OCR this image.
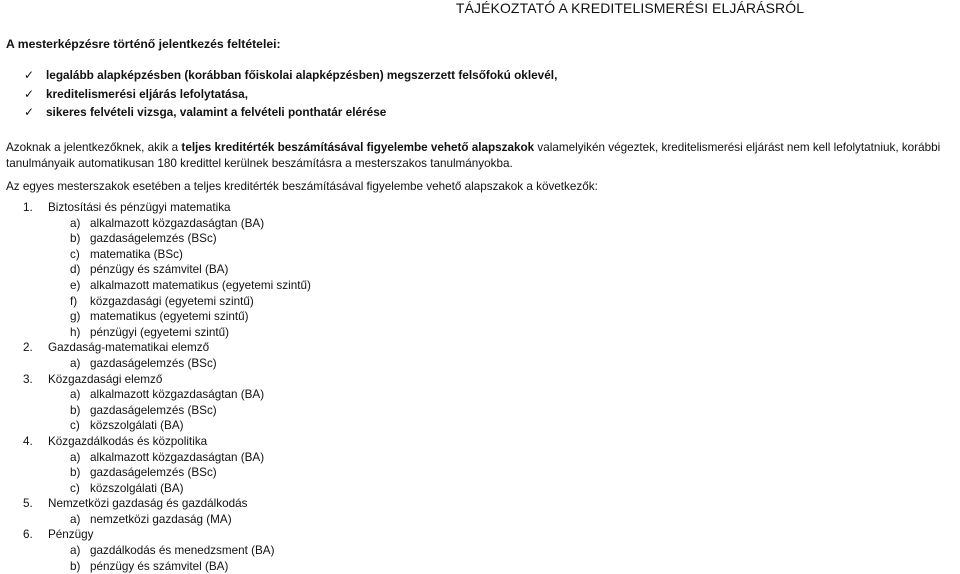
TÁJÉKOZTATÓ A KREDITELISMERÉSI ELJÁRÁSRÓL
A mesterképzésre történő jelentkezés feltételei:
✓ legalább alapképzésben (korábban főiskolai alapképzésben) megszerzett felsőfokú oklevél,
✓ kreditelismerési eljárás lefolytatása,
✓ sikeres felvételi vizsga, valamint a felvételi ponthatár elérése
Azoknak a jelentkezőknek, akik a teljes kreditérték beszámításával figyelembe vehető alapszakok valamelyikén végeztek, kreditelismerési eljárást nem kell lefolytatniuk, korábbi tanulmányaik automatikusan 180 kredittel kerülnek beszámításra a mesterszakos tanulmányokba.
Az egyes mesterszakok esetében a teljes kreditérték beszámításával figyelembe vehető alapszakok a következők:
1. Biztosítási és pénzügyi matematika
a) alkalmazott közgazdaságtan (BA)
b) gazdaságelemzés (BSc)
c) matematika (BSc)
d) pénzügy és számvitel (BA)
e) alkalmazott matematikus (egyetemi szintű)
f) közgazdasági (egyetemi szintű)
g) matematikus (egyetemi szintű)
h) pénzügyi (egyetemi szintű)
2. Gazdaság-matematikai elemző
a) gazdaságelemzés (BSc)
3. Közgazdasági elemző
a) alkalmazott közgazdaságtan (BA)
b) gazdaságelemzés (BSc)
c) közszolgálati (BA)
4. Közgazdálkodás és közpolitika
a) alkalmazott közgazdaságtan (BA)
b) gazdaságelemzés (BSc)
c) közszolgálati (BA)
5. Nemzetközi gazdaság és gazdálkodás
a) nemzetközi gazdaság (MA)
6. Pénzügy
a) gazdálkodás és menedzsment (BA)
b) pénzügy és számvitel (BA)
